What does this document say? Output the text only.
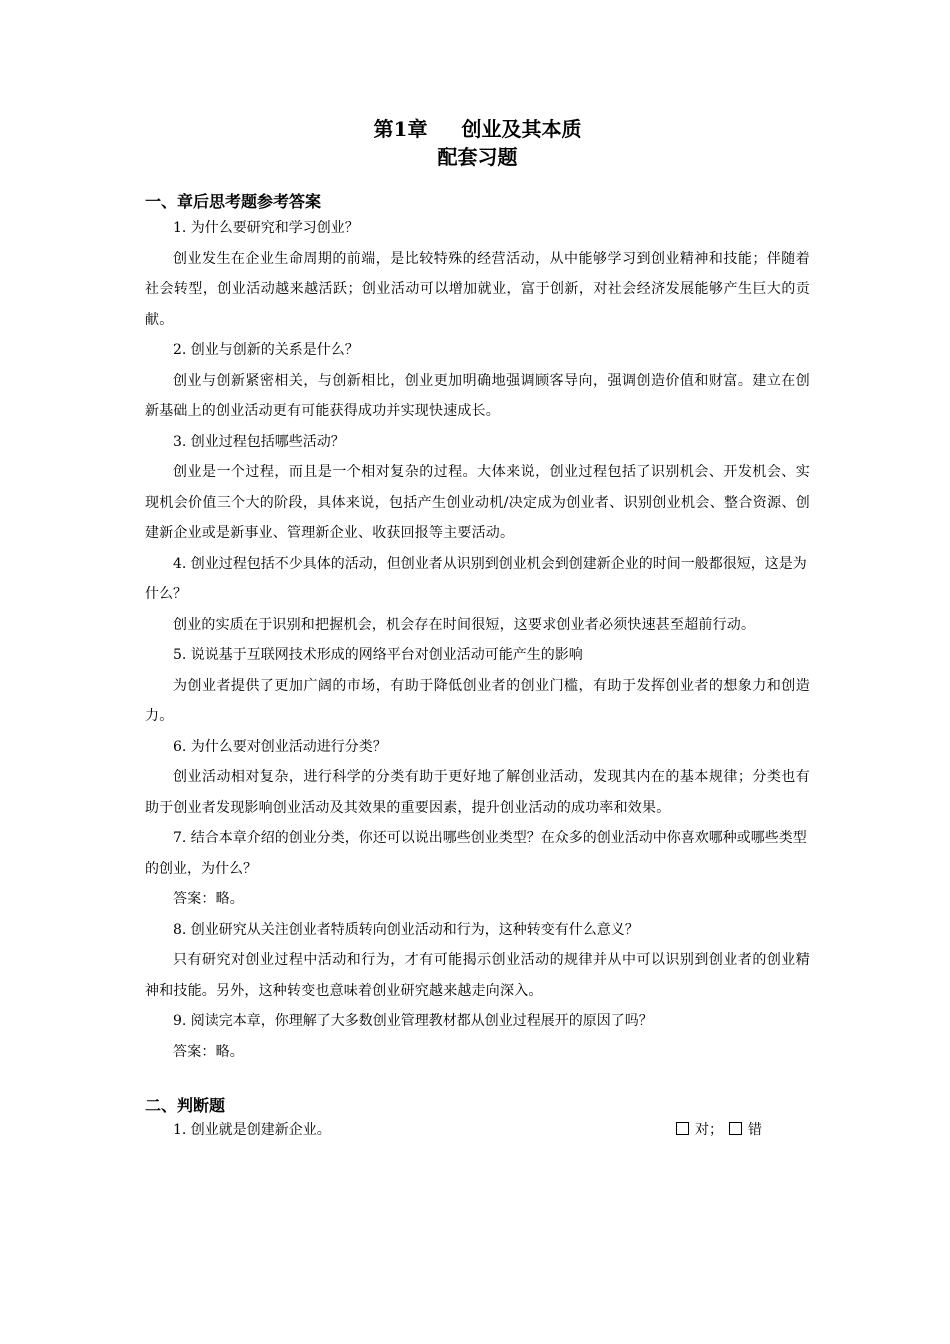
第1章 创业及其本质
配套习题
一、章后思考题参考答案

1. 为什么要研究和学习创业？

创业发生在企业生命周期的前端，是比较特殊的经营活动，从中能够学习到创业精神和技能；伴随着社会转型，创业活动越来越活跃；创业活动可以增加就业，富于创新，对社会经济发展能够产生巨大的贡献。

2. 创业与创新的关系是什么？

创业与创新紧密相关，与创新相比，创业更加明确地强调顾客导向，强调创造价值和财富。建立在创新基础上的创业活动更有可能获得成功并实现快速成长。

3. 创业过程包括哪些活动？

创业是一个过程，而且是一个相对复杂的过程。大体来说，创业过程包括了识别机会、开发机会、实现机会价值三个大的阶段，具体来说，包括产生创业动机/决定成为创业者、识别创业机会、整合资源、创建新企业或是新事业、管理新企业、收获回报等主要活动。

4. 创业过程包括不少具体的活动，但创业者从识别到创业机会到创建新企业的时间一般都很短，这是为什么？

创业的实质在于识别和把握机会，机会存在时间很短，这要求创业者必须快速甚至超前行动。

5. 说说基于互联网技术形成的网络平台对创业活动可能产生的影响

为创业者提供了更加广阔的市场，有助于降低创业者的创业门槛，有助于发挥创业者的想象力和创造力。

6. 为什么要对创业活动进行分类？

创业活动相对复杂，进行科学的分类有助于更好地了解创业活动，发现其内在的基本规律；分类也有助于创业者发现影响创业活动及其效果的重要因素，提升创业活动的成功率和效果。

7. 结合本章介绍的创业分类，你还可以说出哪些创业类型？在众多的创业活动中你喜欢哪种或哪些类型的创业，为什么？

答案：略。

8. 创业研究从关注创业者特质转向创业活动和行为，这种转变有什么意义？

只有研究对创业过程中活动和行为，才有可能揭示创业活动的规律并从中可以识别到创业者的创业精神和技能。另外，这种转变也意味着创业研究越来越走向深入。

9. 阅读完本章，你理解了大多数创业管理教材都从创业过程展开的原因了吗？

答案：略。

二、判断题
1. 创业就是创建新企业。	对； 错
